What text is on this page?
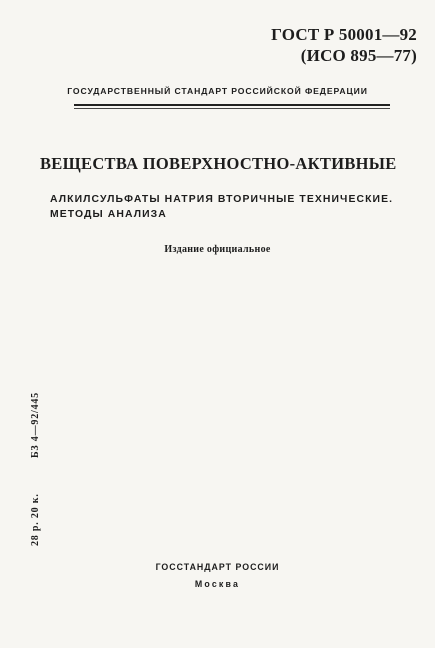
ГОСТ Р 50001—92
(ИСО 895—77)
ГОСУДАРСТВЕННЫЙ СТАНДАРТ РОССИЙСКОЙ ФЕДЕРАЦИИ
ВЕЩЕСТВА ПОВЕРХНОСТНО-АКТИВНЫЕ
АЛКИЛСУЛЬФАТЫ НАТРИЯ ВТОРИЧНЫЕ ТЕХНИЧЕСКИЕ.
МЕТОДЫ АНАЛИЗА
Издание официальное
28 р. 20 к.
БЗ 4—92/445
ГОССТАНДАРТ РОССИИ
Москва
